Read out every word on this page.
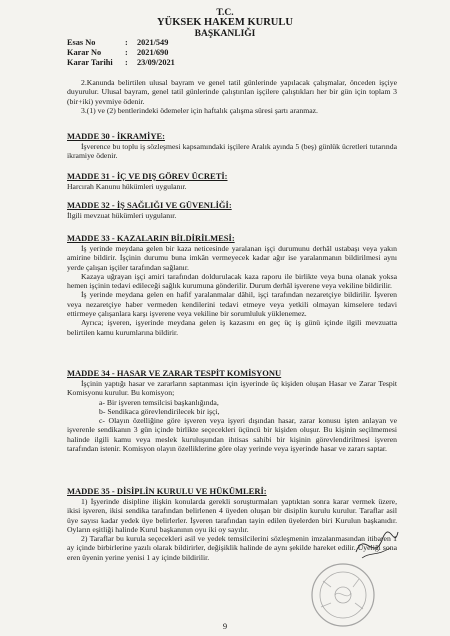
T.C.
YÜKSEK HAKEM KURULU
BAŞKANLIĞI
Esas No	: 2021/549
Karar No	: 2021/690
Karar Tarihi : 23/09/2021

2.Kanunda belirtilen ulusal bayram ve genel tatil günlerinde yapılacak çalışmalar, önceden işçiye duyurulur. Ulusal bayram, genel tatil günlerinde çalıştırılan işçilere çalıştıkları her bir gün için toplam 3 (bir+iki) yevmiye ödenir.

3.(1) ve (2) bentlerindeki ödemeler için haftalık çalışma süresi şartı aranmaz.

MADDE 30 - İKRAMİYE:

İşverence bu toplu iş sözleşmesi kapsamındaki işçilere Aralık ayında 5 (beş) günlük ücretleri tutarında ikramiye ödenir.

MADDE 31 - İÇ VE DIŞ GÖREV ÜCRETİ:

Harcırah Kanunu hükümleri uygulanır.

MADDE 32 - İŞ SAĞLIĞI VE GÜVENLİĞİ:

İlgili mevzuat hükümleri uygulanır.

MADDE 33 - KAZALARIN BİLDİRİLMESİ:

İş yerinde meydana gelen bir kaza neticesinde yaralanan işçi durumunu derhâl ustabaşı veya yakın amirine bildirir. İşçinin durumu buna imkân vermeyecek kadar ağır ise yaralanmanın bildirilmesi aynı yerde çalışan işçiler tarafından sağlanır.

Kazaya uğrayan işçi amiri tarafından doldurulacak kaza raporu ile birlikte veya buna olanak yoksa hemen işçinin tedavi edileceği sağlık kurumuna gönderilir. Durum derhâl işverene veya vekiline bildirilir.

İş yerinde meydana gelen en hafif yaralanmalar dâhil, işçi tarafından nezaretçiye bildirilir. İşveren veya nezaretçiye haber vermeden kendilerini tedavi etmeye veya yetkili olmayan kimselere tedavi ettirmeye çalışanlara karşı işverene veya vekiline bir sorumluluk yüklenemez.

Ayrıca; işveren, işyerinde meydana gelen iş kazasını en geç üç iş günü içinde ilgili mevzuatta belirtilen kamu kurumlarına bildirir.

MADDE 34 - HASAR VE ZARAR TESPİT KOMİSYONU

İşçinin yaptığı hasar ve zararların saptanması için işyerinde üç kişiden oluşan Hasar ve Zarar Tespit Komisyonu kurulur. Bu komisyon;

a- Bir işveren temsilcisi başkanlığında,

b- Sendikaca görevlendirilecek bir işçi,

c- Olayın özelliğine göre işveren veya işyeri dışından hasar, zarar konusu işten anlayan ve işverenle sendikanın 3 gün içinde birlikte seçecekleri üçüncü bir kişiden oluşur. Bu kişinin seçilmemesi halinde ilgili kamu veya meslek kuruluşundan ihtisas sahibi bir kişinin görevlendirilmesi işveren tarafından istenir. Komisyon olayın özelliklerine göre olay yerinde veya işyerinde hasar ve zararı saptar.

MADDE 35 - DİSİPLİN KURULU VE HÜKÜMLERİ:

1) İşyerinde disipline ilişkin konularda gerekli soruşturmaları yaptıktan sonra karar vermek üzere, ikisi işveren, ikisi sendika tarafından belirlenen 4 üyeden oluşan bir disiplin kurulu kurulur. Taraflar asil üye sayısı kadar yedek üye belirlerler. İşveren tarafından tayin edilen üyelerden biri Kurulun başkanıdır. Oyların eşitliği halinde Kurul başkanının oyu iki oy sayılır.

2) Taraflar bu kurula seçecekleri asil ve yedek temsilcilerini sözleşmenin imzalanmasından itibaren 1 ay içinde birbirlerine yazılı olarak bildirirler, değişiklik halinde de aynı şekilde hareket edilir. Üyeliği sona eren üyenin yerine yenisi 1 ay içinde bildirilir.

9
